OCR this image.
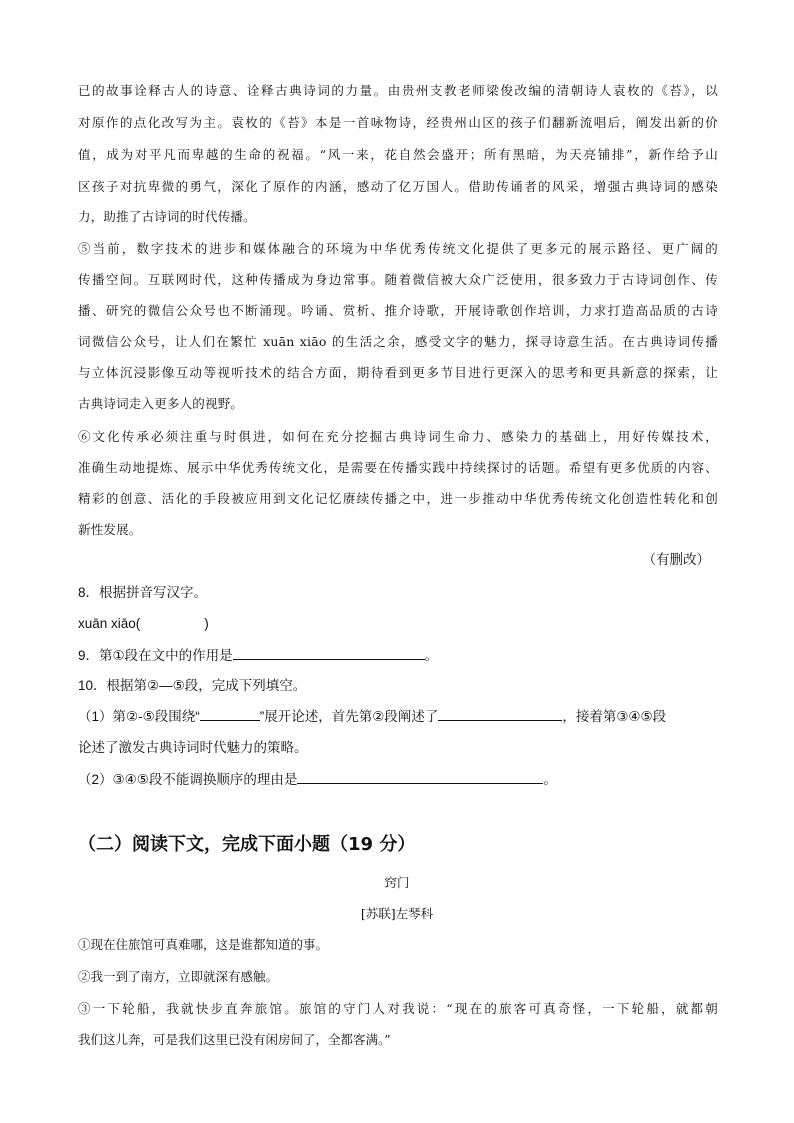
已的故事诠释古人的诗意、诠释古典诗词的力量。由贵州支教老师梁俊改编的清朝诗人袁枚的《苔》，以
对原作的点化改写为主。袁枚的《苔》本是一首咏物诗，经贵州山区的孩子们翻新流唱后，阐发出新的价
值，成为对平凡而卑越的生命的祝福。“风一来，花自然会盛开；所有黑暗，为天亮铺排”，新作给予山
区孩子对抗卑微的勇气，深化了原作的内涵，感动了亿万国人。借助传诵者的风采，增强古典诗词的感染
力，助推了古诗词的时代传播。
⑤当前，数字技术的进步和媒体融合的环境为中华优秀传统文化提供了更多元的展示路径、更广阔的
传播空间。互联网时代，这种传播成为身边常事。随着微信被大众广泛使用，很多致力于古诗词创作、传
播、研究的微信公众号也不断涌现。吟诵、赏析、推介诗歌，开展诗歌创作培训，力求打造高品质的古诗
词微信公众号，让人们在繁忙 xuān xiāo 的生活之余，感受文字的魅力，探寻诗意生活。在古典诗词传播
与立体沉浸影像互动等视听技术的结合方面，期待看到更多节目进行更深入的思考和更具新意的探索，让
古典诗词走入更多人的视野。
⑥文化传承必须注重与时俱进，如何在充分挖掘古典诗词生命力、感染力的基础上，用好传媒技术，
准确生动地提炼、展示中华优秀传统文化，是需要在传播实践中持续探讨的话题。希望有更多优质的内容、
精彩的创意、活化的手段被应用到文化记忆赓续传播之中，进一步推动中华优秀传统文化创造性转化和创
新性发展。
（有删改）
8．根据拼音写汉字。
xuān xiāo(	)
9．第①段在文中的作用是	。
10．根据第②—⑤段，完成下列填空。
（1）第②-⑤段围绕“	”展开论述，首先第②段阐述了	，接着第③④⑤段
论述了激发古典诗词时代魅力的策略。
（2）③④⑤段不能调换顺序的理由是	。
（二）阅读下文，完成下面小题（19 分）
窍门
[苏联]左琴科
①现在住旅馆可真难哪，这是谁都知道的事。
②我一到了南方，立即就深有感触。
③一下轮船，我就快步直奔旅馆。旅馆的守门人对我说：“现在的旅客可真奇怪，一下轮船，就都朝
我们这儿奔，可是我们这里已没有闲房间了，全都客满。”
